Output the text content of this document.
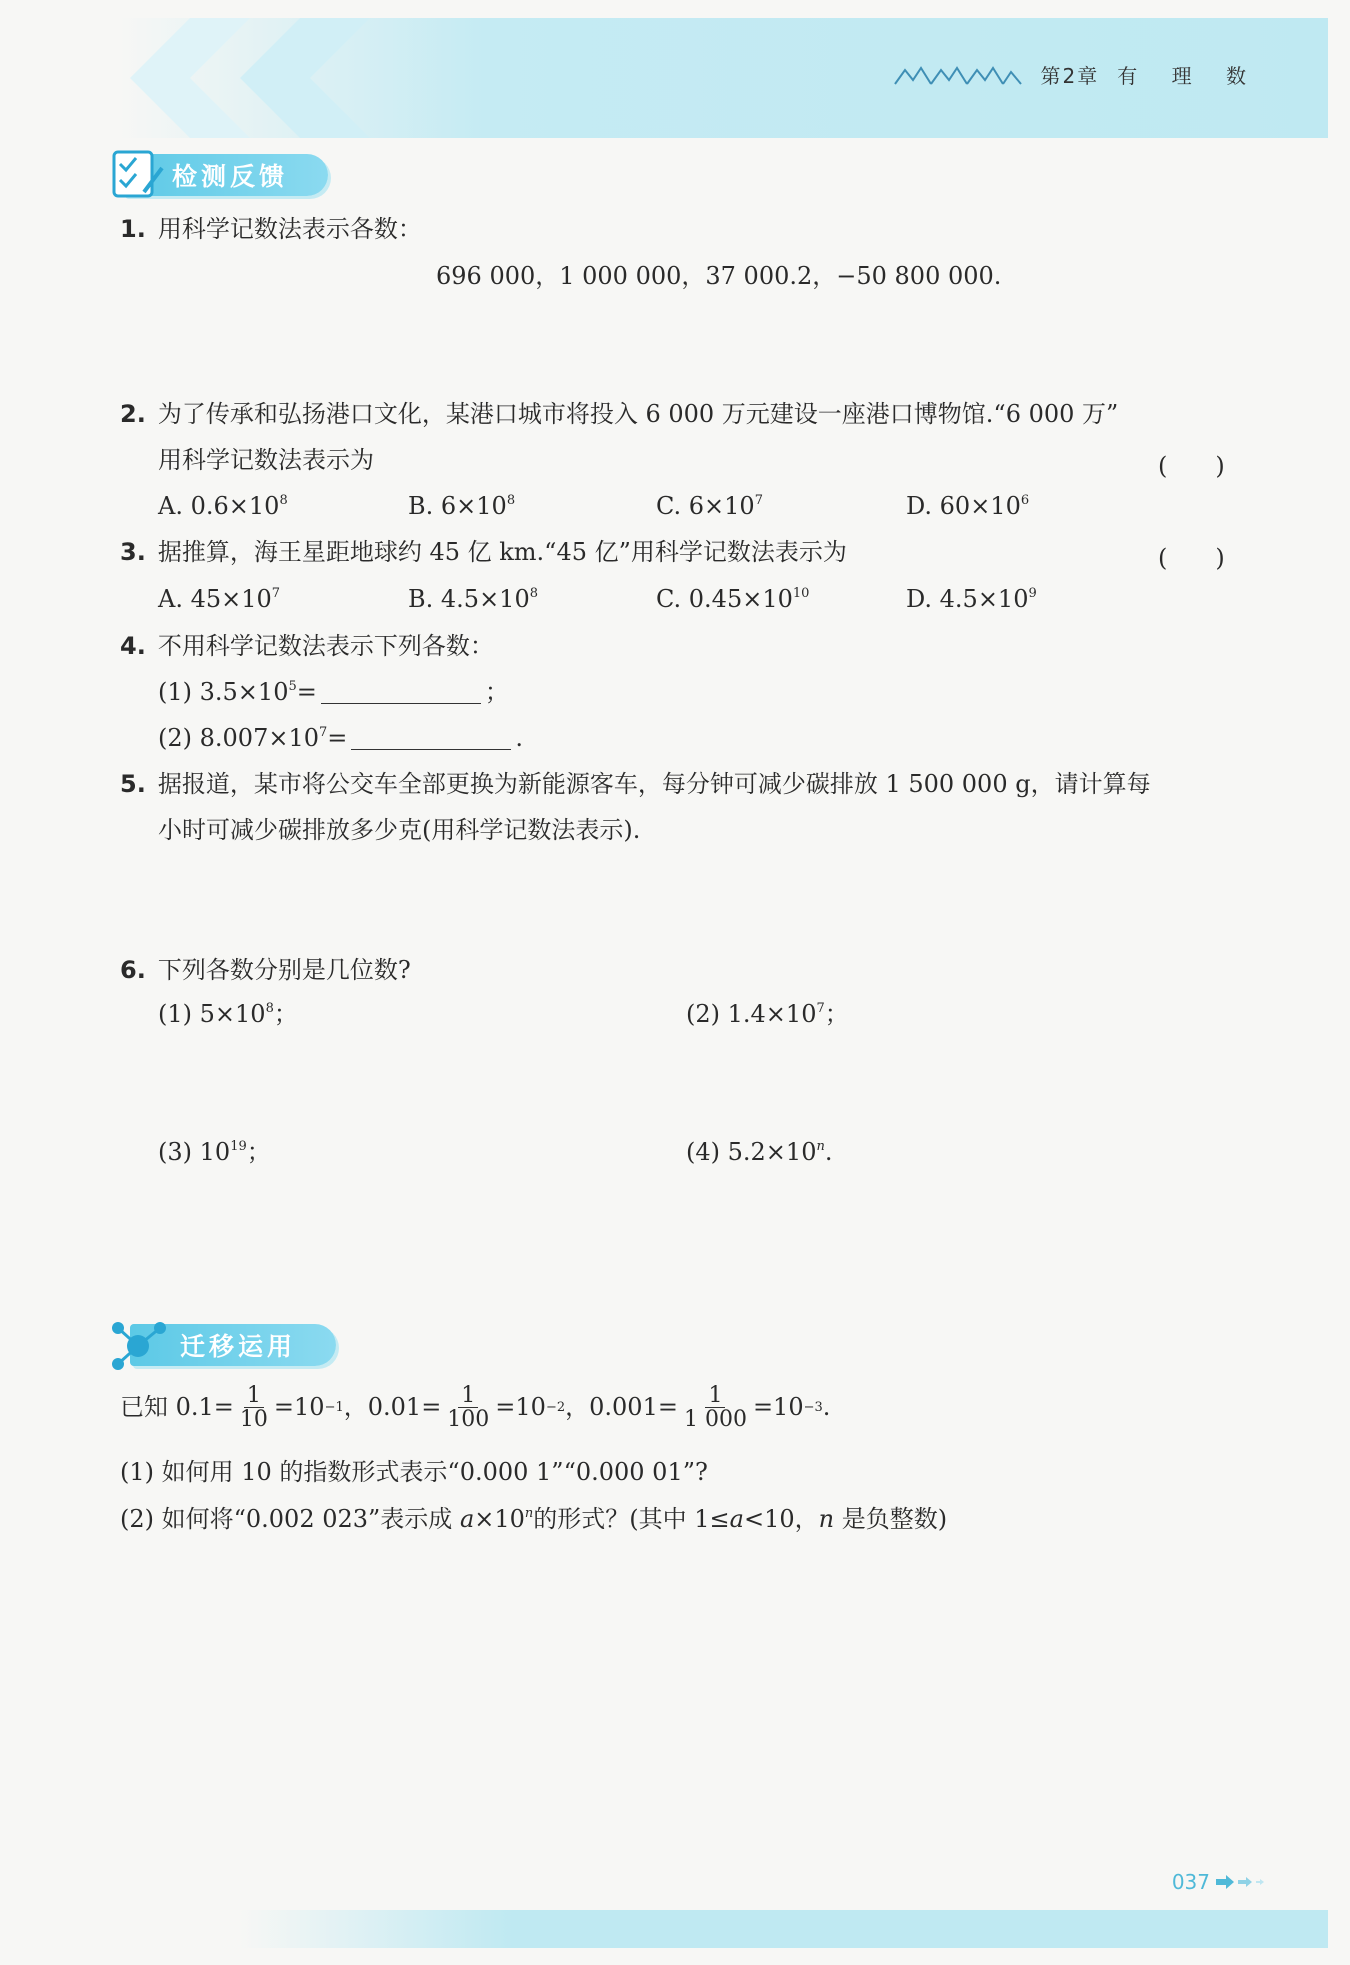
第2章 有 理 数
检测反馈
1. 用科学记数法表示各数：
696 000，1 000 000，37 000.2，−50 800 000.
2. 为了传承和弘扬港口文化，某港口城市将投入 6 000 万元建设一座港口博物馆.“6 000 万”
用科学记数法表示为	(　　)
A. $0.6\times 10^8$	B. $6\times 10^8$	C. $6\times 10^7$	D. $60\times 10^6$
3. 据推算，海王星距地球约 45 亿 km.“45 亿”用科学记数法表示为	(　　)
A. $45\times 10^7$	B. $4.5\times 10^8$	C. $0.45\times 10^{10}$	D. $4.5\times 10^9$
4. 不用科学记数法表示下列各数：
(1) $3.5\times 10^5=$	；
(2) $8.007\times 10^7=$	.
5. 据报道，某市将公交车全部更换为新能源客车，每分钟可减少碳排放 1 500 000 g，请计算每
小时可减少碳排放多少克(用科学记数法表示).
6. 下列各数分别是几位数?
(1) $5\times 10^8$；	(2) $1.4\times 10^7$；
(3) $10^{19}$；	(4) $5.2\times 10^n$.
迁移运用
已知
$0.1= \frac{1}{10} =10 -1$ ， $0.01= \frac{1}{100} =10 -2$ ， $0.001= \frac{1}{1 000} =10 -3$ .
(1) 如何用 10 的指数形式表示“0.000 1”“0.000 01”?
(2) 如何将“0.002 023”表示成 $a\times 10^n$的形式？(其中 1≤a<10，n 是负整数)
037
